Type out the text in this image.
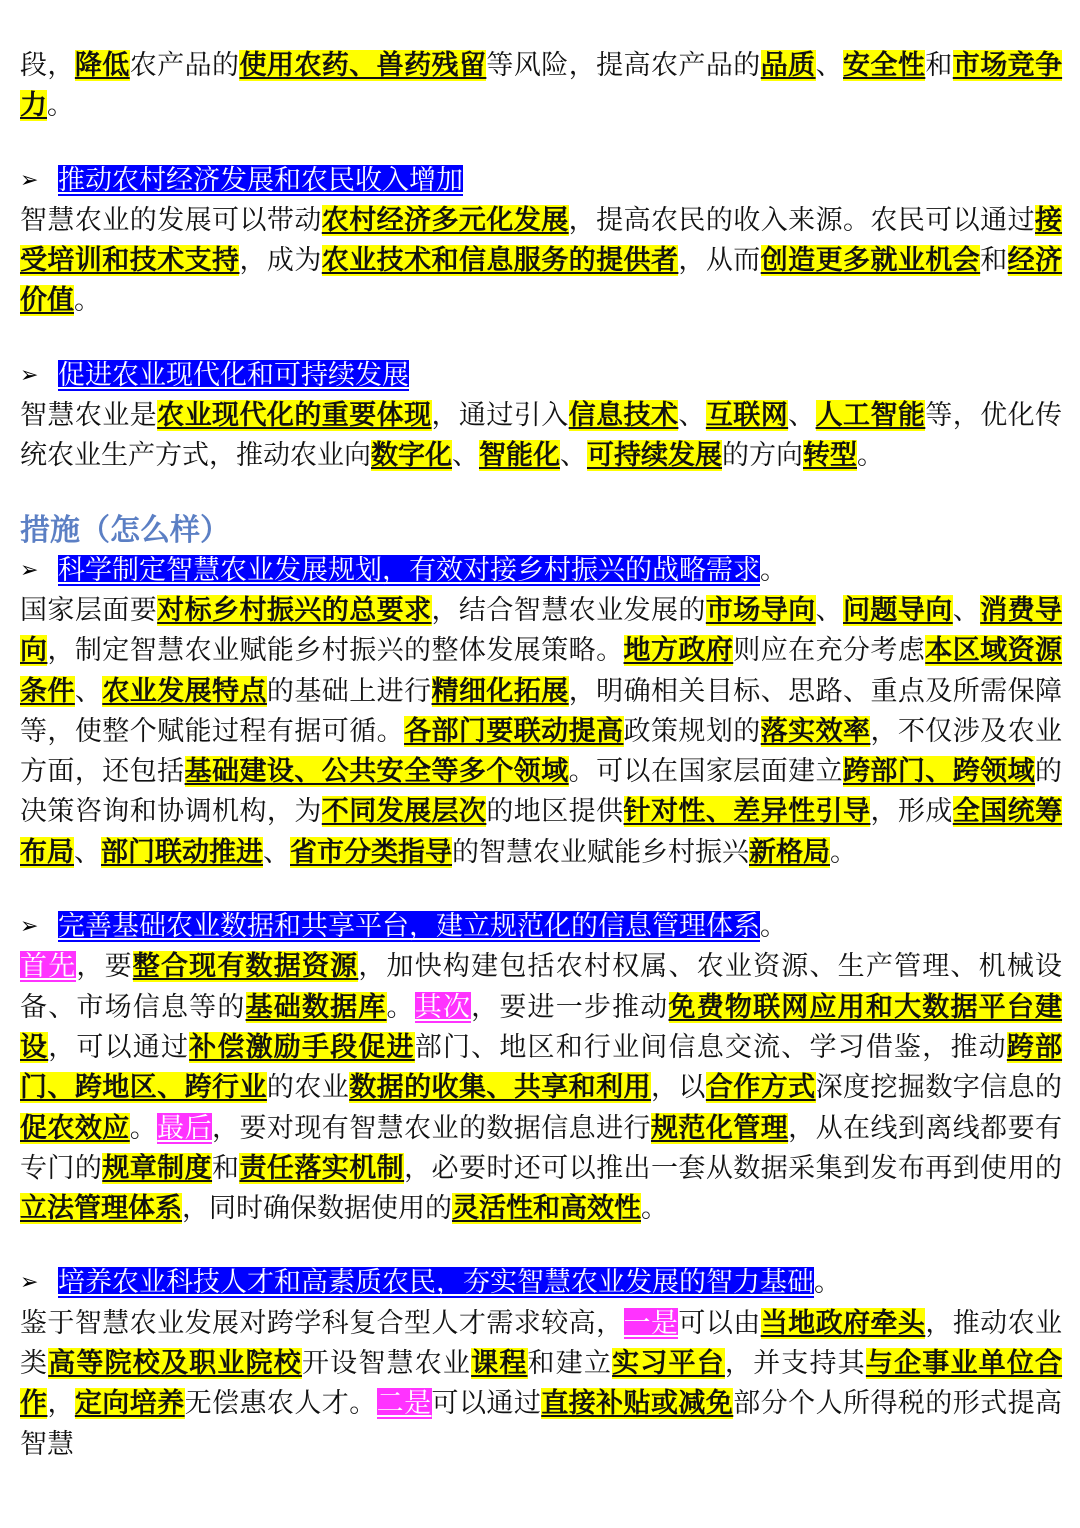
段，降低农产品的使用农药、兽药残留等风险，提高农产品的品质、安全性和市场竞争力。

➢ 推动农村经济发展和农民收入增加

智慧农业的发展可以带动农村经济多元化发展，提高农民的收入来源。农民可以通过接受培训和技术支持，成为农业技术和信息服务的提供者，从而创造更多就业机会和经济价值。

➢ 促进农业现代化和可持续发展

智慧农业是农业现代化的重要体现，通过引入信息技术、互联网、人工智能等，优化传统农业生产方式，推动农业向数字化、智能化、可持续发展的方向转型。

措施（怎么样）
➢ 科学制定智慧农业发展规划，有效对接乡村振兴的战略需求。

国家层面要对标乡村振兴的总要求，结合智慧农业发展的市场导向、问题导向、消费导向，制定智慧农业赋能乡村振兴的整体发展策略。地方政府则应在充分考虑本区域资源条件、农业发展特点的基础上进行精细化拓展，明确相关目标、思路、重点及所需保障等，使整个赋能过程有据可循。各部门要联动提高政策规划的落实效率，不仅涉及农业方面，还包括基础建设、公共安全等多个领域。可以在国家层面建立跨部门、跨领域的决策咨询和协调机构，为不同发展层次的地区提供针对性、差异性引导，形成全国统筹布局、部门联动推进、省市分类指导的智慧农业赋能乡村振兴新格局。

➢ 完善基础农业数据和共享平台，建立规范化的信息管理体系。

首先，要整合现有数据资源，加快构建包括农村权属、农业资源、生产管理、机械设备、市场信息等的基础数据库。其次，要进一步推动免费物联网应用和大数据平台建设，可以通过补偿激励手段促进部门、地区和行业间信息交流、学习借鉴，推动跨部门、跨地区、跨行业的农业数据的收集、共享和利用，以合作方式深度挖掘数字信息的促农效应。最后，要对现有智慧农业的数据信息进行规范化管理，从在线到离线都要有专门的规章制度和责任落实机制，必要时还可以推出一套从数据采集到发布再到使用的立法管理体系，同时确保数据使用的灵活性和高效性。

➢ 培养农业科技人才和高素质农民，夯实智慧农业发展的智力基础。

鉴于智慧农业发展对跨学科复合型人才需求较高，一是可以由当地政府牵头，推动农业类高等院校及职业院校开设智慧农业课程和建立实习平台，并支持其与企事业单位合作，定向培养无偿惠农人才。二是可以通过直接补贴或减免部分个人所得税的形式提高智慧
